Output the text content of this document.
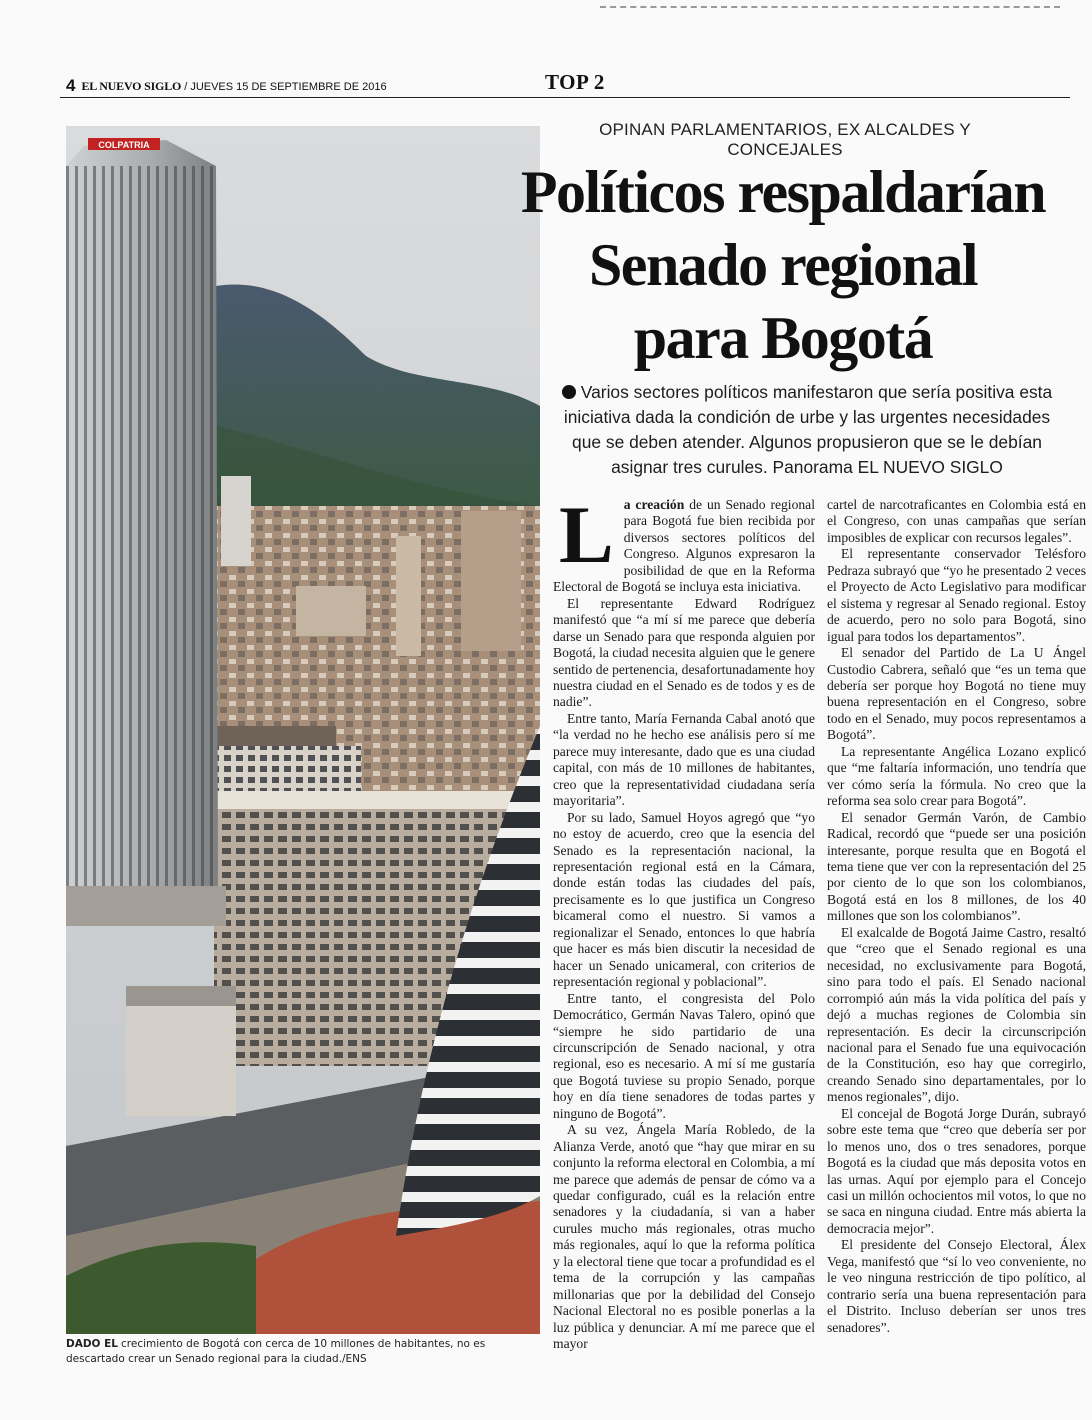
4 EL NUEVO SIGLO / JUEVES 15 DE SEPTIEMBRE DE 2016	TOP 2
COLPATRIA
DADO EL crecimiento de Bogotá con cerca de 10 millones de habitantes, no es descartado crear un Senado regional para la ciudad./ENS
OPINAN PARLAMENTARIOS, EX ALCALDES Y CONCEJALES
Políticos respaldarían
Senado regional
para Bogotá
Varios sectores políticos manifestaron que sería positiva esta iniciativa dada la condición de urbe y las urgentes necesidades que se deben atender. Algunos propusieron que se le debían asignar tres curules. Panorama EL NUEVO SIGLO

La creación de un Senado regional para Bogotá fue bien recibida por diversos sectores políticos del Congreso. Algunos expresaron la posibilidad de que en la Reforma Electoral de Bogotá se incluya esta iniciativa.

El representante Edward Rodríguez manifestó que “a mí sí me parece que debería darse un Senado para que responda alguien por Bogotá, la ciudad necesita alguien que le genere sentido de pertenencia, desafortunadamente hoy nuestra ciudad en el Senado es de todos y es de nadie”.

Entre tanto, María Fernanda Cabal anotó que “la verdad no he hecho ese análisis pero sí me parece muy interesante, dado que es una ciudad capital, con más de 10 millones de habitantes, creo que la representatividad ciudadana sería mayoritaria”.

Por su lado, Samuel Hoyos agregó que “yo no estoy de acuerdo, creo que la esencia del Senado es la representación nacional, la representación regional está en la Cámara, donde están todas las ciudades del país, precisamente es lo que justifica un Congreso bicameral como el nuestro. Si vamos a regionalizar el Senado, entonces lo que habría que hacer es más bien discutir la necesidad de hacer un Senado unicameral, con criterios de representación regional y poblacional”.

Entre tanto, el congresista del Polo Democrático, Germán Navas Talero, opinó que “siempre he sido partidario de una circunscripción de Senado nacional, y otra regional, eso es necesario. A mí sí me gustaría que Bogotá tuviese su propio Senado, porque hoy en día tiene senadores de todas partes y ninguno de Bogotá”.

A su vez, Ángela María Robledo, de la Alianza Verde, anotó que “hay que mirar en su conjunto la reforma electoral en Colombia, a mí me parece que además de pensar de cómo va a quedar configurado, cuál es la relación entre senadores y la ciudadanía, si van a haber curules mucho más regionales, otras mucho más regionales, aquí lo que la reforma política y la electoral tiene que tocar a profundidad es el tema de la corrupción y las campañas millonarias que por la debilidad del Consejo Nacional Electoral no es posible ponerlas a la luz pública y denunciar. A mí me parece que el mayor

cartel de narcotraficantes en Colombia está en el Congreso, con unas campañas que serían imposibles de explicar con recursos legales”.

El representante conservador Telésforo Pedraza subrayó que “yo he presentado 2 veces el Proyecto de Acto Legislativo para modificar el sistema y regresar al Senado regional. Estoy de acuerdo, pero no solo para Bogotá, sino igual para todos los departamentos”.

El senador del Partido de La U Ángel Custodio Cabrera, señaló que “es un tema que debería ser porque hoy Bogotá no tiene muy buena representación en el Congreso, sobre todo en el Senado, muy pocos representamos a Bogotá”.

La representante Angélica Lozano explicó que “me faltaría información, uno tendría que ver cómo sería la fórmula. No creo que la reforma sea solo crear para Bogotá”.

El senador Germán Varón, de Cambio Radical, recordó que “puede ser una posición interesante, porque resulta que en Bogotá el tema tiene que ver con la representación del 25 por ciento de lo que son los colombianos, Bogotá está en los 8 millones, de los 40 millones que son los colombianos”.

El exalcalde de Bogotá Jaime Castro, resaltó que “creo que el Senado regional es una necesidad, no exclusivamente para Bogotá, sino para todo el país. El Senado nacional corrompió aún más la vida política del país y dejó a muchas regiones de Colombia sin representación. Es decir la circunscripción nacional para el Senado fue una equivocación de la Constitución, eso hay que corregirlo, creando Senado sino departamentales, por lo menos regionales”, dijo.

El concejal de Bogotá Jorge Durán, subrayó sobre este tema que “creo que debería ser por lo menos uno, dos o tres senadores, porque Bogotá es la ciudad que más deposita votos en las urnas. Aquí por ejemplo para el Concejo casi un millón ochocientos mil votos, lo que no se saca en ninguna ciudad. Entre más abierta la democracia mejor”.

El presidente del Consejo Electoral, Álex Vega, manifestó que “sí lo veo conveniente, no le veo ninguna restricción de tipo político, al contrario sería una buena representación para el Distrito. Incluso deberían ser unos tres senadores”.
